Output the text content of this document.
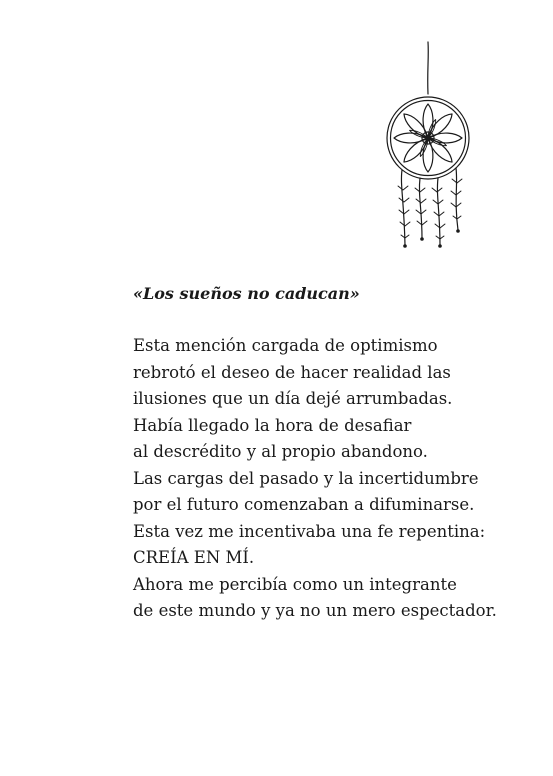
«Los sueños no caducan»
Esta mención cargada de optimismo
rebrotó el deseo de hacer realidad las
ilusiones que un día dejé arrumbadas.
Había llegado la hora de desafiar
al descrédito y al propio abandono.
Las cargas del pasado y la incertidumbre
por el futuro comenzaban a difuminarse.
Esta vez me incentivaba una fe repentina:
CREÍA EN MÍ.
Ahora me percibía como un integrante
de este mundo y ya no un mero espectador.
